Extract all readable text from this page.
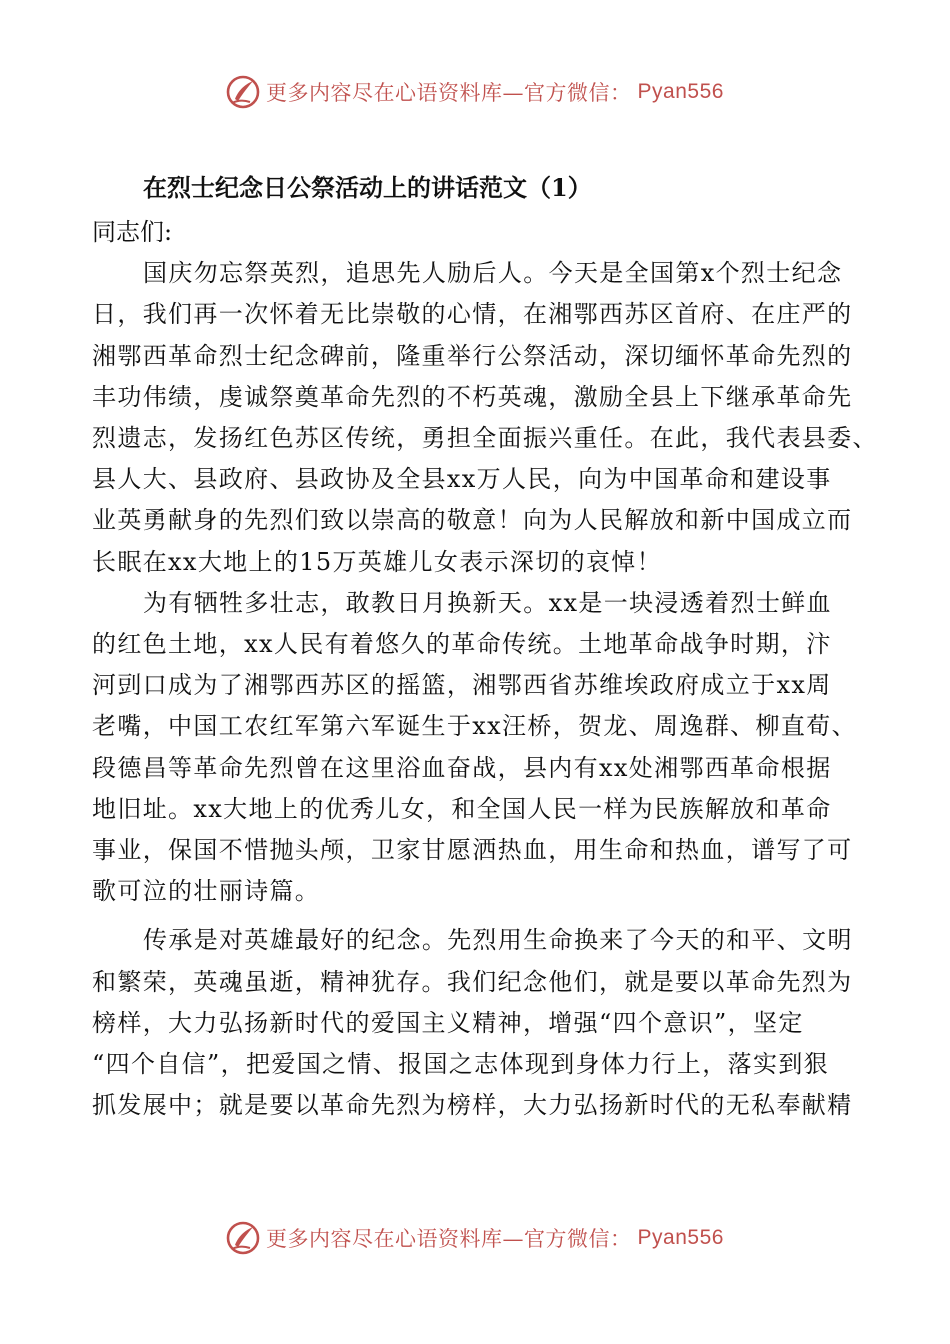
更多内容尽在心语资料库—官方微信： Pyan556
在烈士纪念日公祭活动上的讲话范文（1）

同志们:

国庆勿忘祭英烈，追思先人励后人。今天是全国第x个烈士纪念
日，我们再一次怀着无比崇敬的心情，在湘鄂西苏区首府、在庄严的
湘鄂西革命烈士纪念碑前，隆重举行公祭活动，深切缅怀革命先烈的
丰功伟绩，虔诚祭奠革命先烈的不朽英魂，激励全县上下继承革命先
烈遗志，发扬红色苏区传统，勇担全面振兴重任。在此，我代表县委、
县人大、县政府、县政协及全县xx万人民，向为中国革命和建设事
业英勇献身的先烈们致以崇高的敬意！向为人民解放和新中国成立而
长眠在xx大地上的15万英雄儿女表示深切的哀悼！
为有牺牲多壮志，敢教日月换新天。xx是一块浸透着烈士鲜血
的红色土地，xx人民有着悠久的革命传统。土地革命战争时期，汴
河剅口成为了湘鄂西苏区的摇篮，湘鄂西省苏维埃政府成立于xx周
老嘴，中国工农红军第六军诞生于xx汪桥，贺龙、周逸群、柳直荀、
段德昌等革命先烈曾在这里浴血奋战，县内有xx处湘鄂西革命根据
地旧址。xx大地上的优秀儿女，和全国人民一样为民族解放和革命
事业，保国不惜抛头颅，卫家甘愿洒热血，用生命和热血，谱写了可
歌可泣的壮丽诗篇。
传承是对英雄最好的纪念。先烈用生命换来了今天的和平、文明
和繁荣，英魂虽逝，精神犹存。我们纪念他们，就是要以革命先烈为
榜样，大力弘扬新时代的爱国主义精神，增强“四个意识”，坚定
“四个自信”，把爱国之情、报国之志体现到身体力行上，落实到狠
抓发展中；就是要以革命先烈为榜样，大力弘扬新时代的无私奉献精
更多内容尽在心语资料库—官方微信： Pyan556
